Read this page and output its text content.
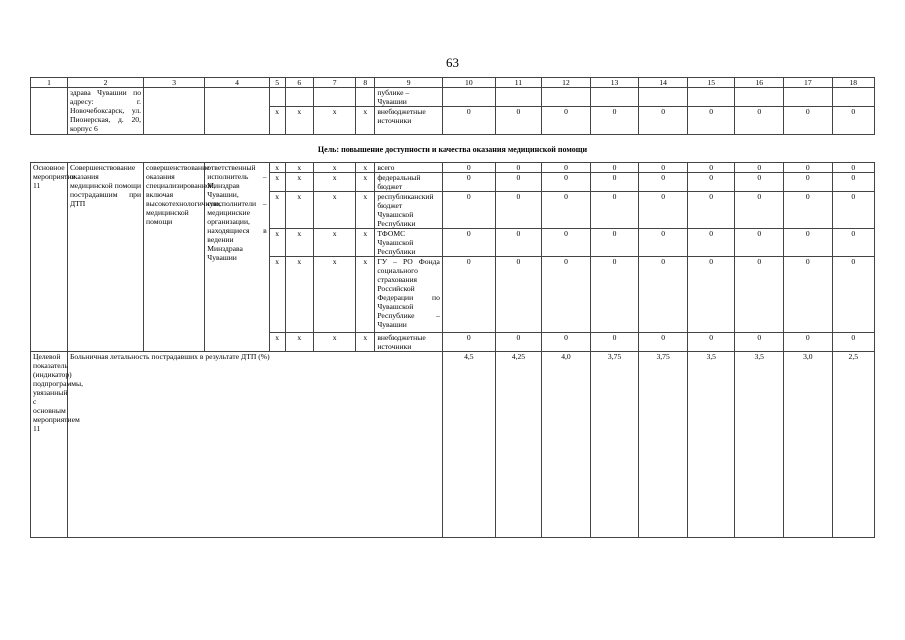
63
1	2	3	4	5	6	7	8	9	10	11	12	13	14	15	16	17	18
	здрава Чувашии по адресу: г. Новочебоксарск, ул. Пионерская, д. 20, корпус 6							публике – Чувашии									
				x	x	x	x	внебюджетные источники	0	0	0	0	0	0	0	0	0
Цель: повышение доступности и качества оказания медицинской помощи																	
Основное мероприятие 11	Совершенствование оказания медицинской помощи пострадавшим при ДТП	совершенствование оказания специализированной, включая высокотехнологичную, медицинской помощи	ответственный исполнитель – Минздрав Чувашии, соисполнители – медицинские организации, находящиеся в ведении Минздрава Чувашии	x	x	x	x	всего	0	0	0	0	0	0	0	0	0
				x	x	x	x	федеральный бюджет	0	0	0	0	0	0	0	0	0
				x	x	x	x	республиканский бюджет Чувашской Республики	0	0	0	0	0	0	0	0	0
				x	x	x	x	ТФОМС Чувашской Республики	0	0	0	0	0	0	0	0	0
				x	x	x	x	ГУ – РО Фонда социального страхования Российской Федерации по Чувашской Республике – Чувашии	0	0	0	0	0	0	0	0	0
				x	x	x	x	внебюджетные источники	0	0	0	0	0	0	0	0	0
Целевой показатель (индикатор) подпрограммы, увязанный с основным мероприятием 11	Больничная летальность пострадавших в результате ДТП (%)								4,5	4,25	4,0	3,75	3,75	3,5	3,5	3,0	2,5
